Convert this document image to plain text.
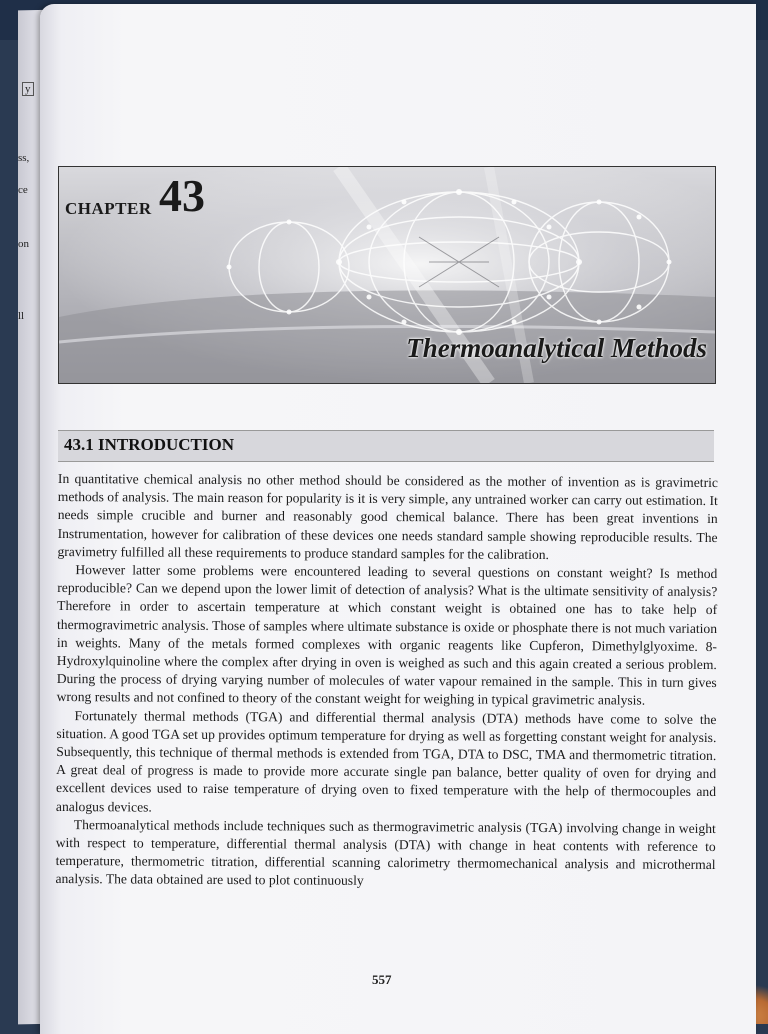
y
ss,
ce
on
ll
CHAPTER 43
Thermoanalytical Methods
43.1 INTRODUCTION

In quantitative chemical analysis no other method should be considered as the mother of invention as is gravimetric methods of analysis. The main reason for popularity is it is very simple, any untrained worker can carry out estimation. It needs simple crucible and burner and reasonably good chemical balance. There has been great inventions in Instrumentation, however for calibration of these devices one needs standard sample showing reproducible results. The gravimetry fulfilled all these requirements to produce standard samples for the calibration.

However latter some problems were encountered leading to several questions on constant weight? Is method reproducible? Can we depend upon the lower limit of detection of analysis? What is the ultimate sensitivity of analysis? Therefore in order to ascertain temperature at which constant weight is obtained one has to take help of thermogravimetric analysis. Those of samples where ultimate substance is oxide or phosphate there is not much variation in weights. Many of the metals formed complexes with organic reagents like Cupferon, Dimethylglyoxime. 8-Hydroxylquinoline where the complex after drying in oven is weighed as such and this again created a serious problem. During the process of drying varying number of molecules of water vapour remained in the sample. This in turn gives wrong results and not confined to theory of the constant weight for weighing in typical gravimetric analysis.

Fortunately thermal methods (TGA) and differential thermal analysis (DTA) methods have come to solve the situation. A good TGA set up provides optimum temperature for drying as well as forgetting constant weight for analysis. Subsequently, this technique of thermal methods is extended from TGA, DTA to DSC, TMA and thermometric titration. A great deal of progress is made to provide more accurate single pan balance, better quality of oven for drying and excellent devices used to raise temperature of drying oven to fixed temperature with the help of thermocouples and analogus devices.

Thermoanalytical methods include techniques such as thermogravimetric analysis (TGA) involving change in weight with respect to temperature, differential thermal analysis (DTA) with change in heat contents with reference to temperature, thermometric titration, differential scanning calorimetry thermomechanical analysis and microthermal analysis. The data obtained are used to plot continuously

557
